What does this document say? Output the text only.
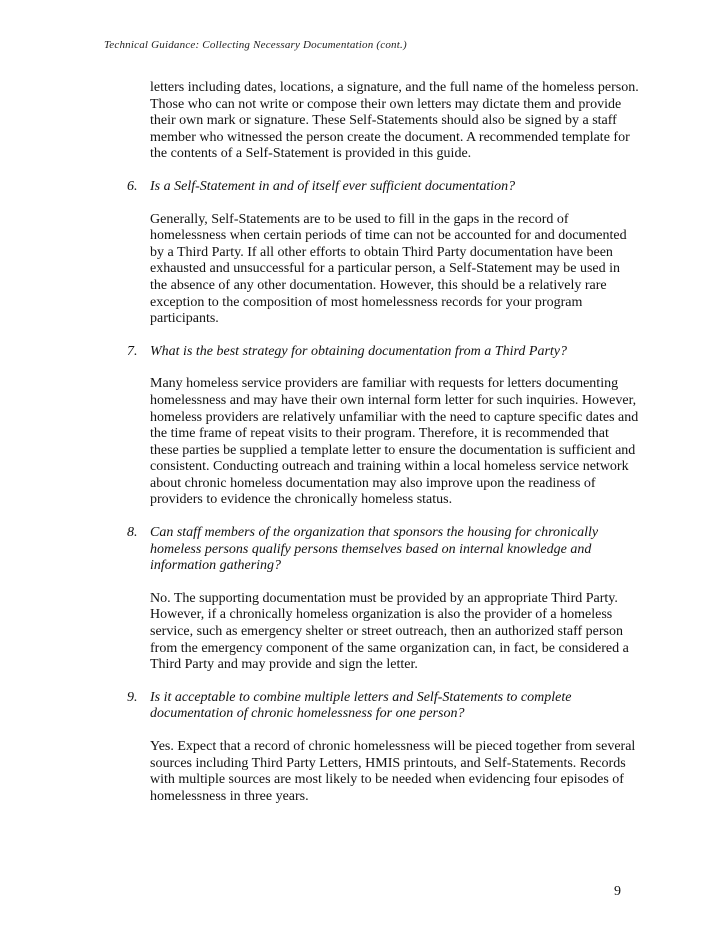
Technical Guidance: Collecting Necessary Documentation (cont.)

letters including dates, locations, a signature, and the full name of the homeless person. Those who can not write or compose their own letters may dictate them and provide their own mark or signature. These Self-Statements should also be signed by a staff member who witnessed the person create the document. A recommended template for the contents of a Self-Statement is provided in this guide.

6. Is a Self-Statement in and of itself ever sufficient documentation?

Generally, Self-Statements are to be used to fill in the gaps in the record of homelessness when certain periods of time can not be accounted for and documented by a Third Party. If all other efforts to obtain Third Party documentation have been exhausted and unsuccessful for a particular person, a Self-Statement may be used in the absence of any other documentation. However, this should be a relatively rare exception to the composition of most homelessness records for your program participants.

7. What is the best strategy for obtaining documentation from a Third Party?

Many homeless service providers are familiar with requests for letters documenting homelessness and may have their own internal form letter for such inquiries. However, homeless providers are relatively unfamiliar with the need to capture specific dates and the time frame of repeat visits to their program. Therefore, it is recommended that these parties be supplied a template letter to ensure the documentation is sufficient and consistent. Conducting outreach and training within a local homeless service network about chronic homeless documentation may also improve upon the readiness of providers to evidence the chronically homeless status.

8. Can staff members of the organization that sponsors the housing for chronically homeless persons qualify persons themselves based on internal knowledge and information gathering?

No. The supporting documentation must be provided by an appropriate Third Party. However, if a chronically homeless organization is also the provider of a homeless service, such as emergency shelter or street outreach, then an authorized staff person from the emergency component of the same organization can, in fact, be considered a Third Party and may provide and sign the letter.

9. Is it acceptable to combine multiple letters and Self-Statements to complete documentation of chronic homelessness for one person?

Yes. Expect that a record of chronic homelessness will be pieced together from several sources including Third Party Letters, HMIS printouts, and Self-Statements. Records with multiple sources are most likely to be needed when evidencing four episodes of homelessness in three years.

9
